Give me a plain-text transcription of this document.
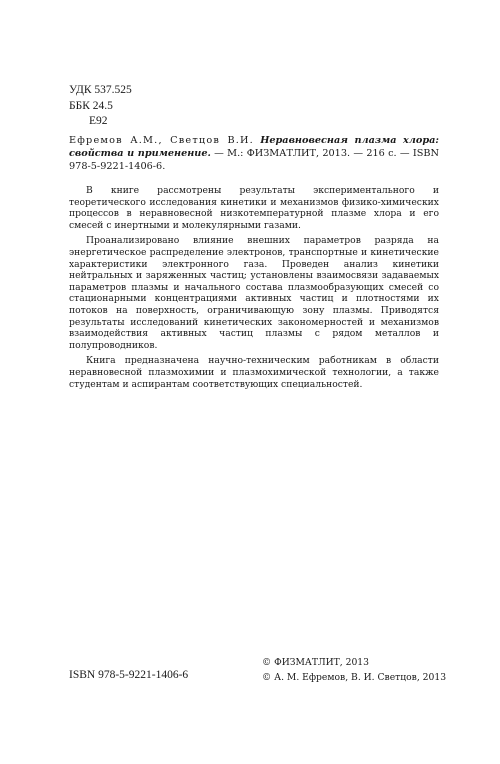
УДК 537.525
ББК 24.5
Е92
Ефремов А.М., Светцов В.И. Неравновесная плазма хлора: свойства и применение. — М.: ФИЗМАТЛИТ, 2013. — 216 с. — ISBN 978-5-9221-1406-6.

В книге рассмотрены результаты экспериментального и теоретического исследования кинетики и механизмов физико-химических процессов в неравновесной низкотемпературной плазме хлора и его смесей с инертными и молекулярными газами.

Проанализировано влияние внешних параметров разряда на энергетическое распределение электронов, транспортные и кинетические характеристики электронного газа. Проведен анализ кинетики нейтральных и заряженных частиц; установлены взаимосвязи задаваемых параметров плазмы и начального состава плазмообразующих смесей со стационарными концентрациями активных частиц и плотностями их потоков на поверхность, ограничивающую зону плазмы. Приводятся результаты исследований кинетических закономерностей и механизмов взаимодействия активных частиц плазмы с рядом металлов и полупроводников.

Книга предназначена научно-техническим работникам в области неравновесной плазмохимии и плазмохимической технологии, а также студентам и аспирантам соответствующих специальностей.

ISBN 978-5-9221-1406-6
© ФИЗМАТЛИТ, 2013
© А. М. Ефремов, В. И. Светцов, 2013
